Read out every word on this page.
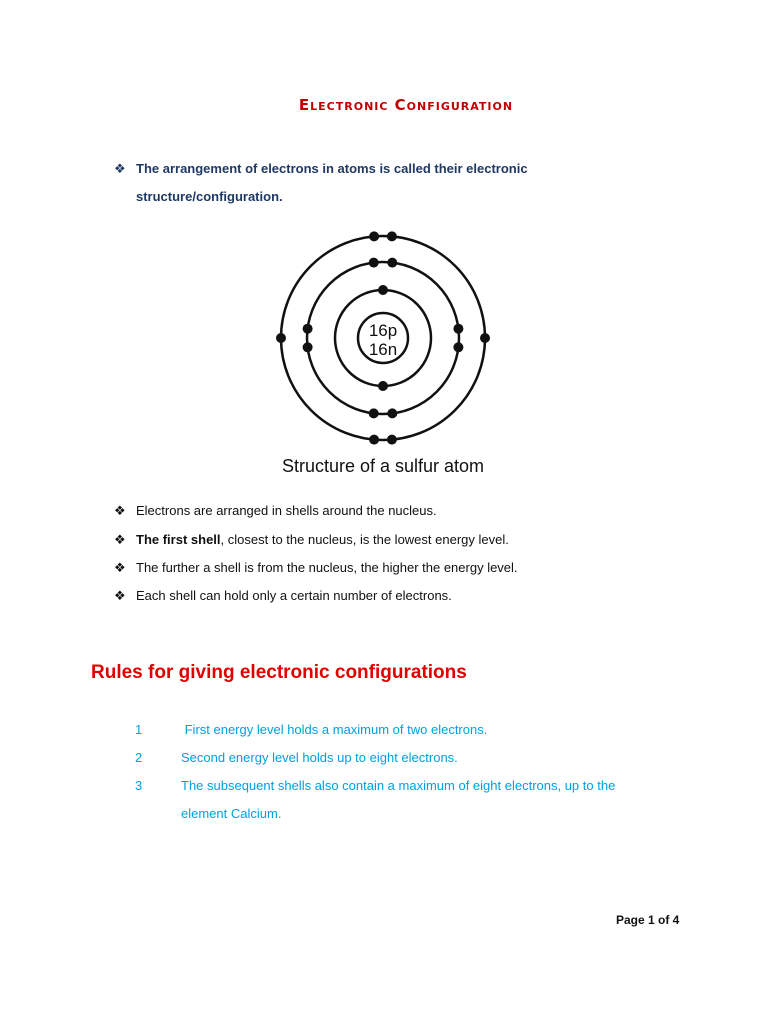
Electronic Configuration
❖ The arrangement of electrons in atoms is called their electronic structure/configuration.
16p
16n
Structure of a sulfur atom
❖ Electrons are arranged in shells around the nucleus.
❖ The first shell, closest to the nucleus, is the lowest energy level.
❖ The further a shell is from the nucleus, the higher the energy level.
❖ Each shell can hold only a certain number of electrons.
Rules for giving electronic configurations
1	First energy level holds a maximum of two electrons.
2	Second energy level holds up to eight electrons.
3	The subsequent shells also contain a maximum of eight electrons, up to the element Calcium.
Page 1 of 4
